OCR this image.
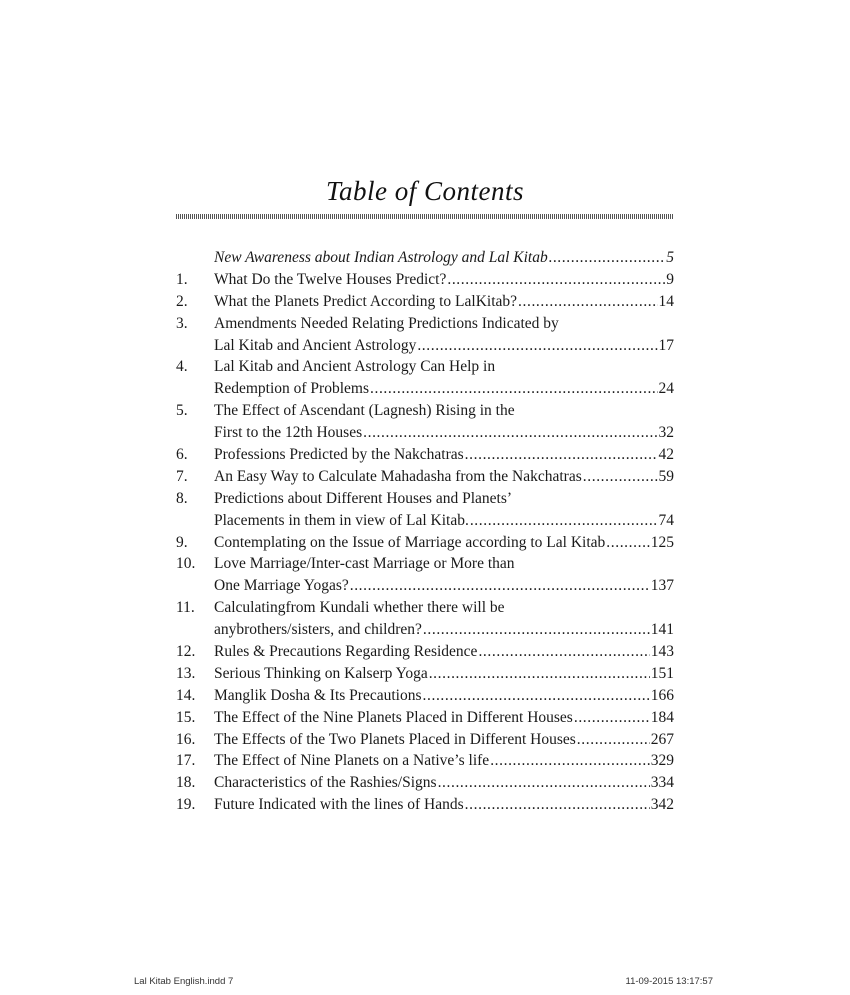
Table of Contents
New Awareness about Indian Astrology and Lal Kitab .....	5
1.	What Do the Twelve Houses Predict? .....	9
2.	What the Planets Predict According to LalKitab? .....	14
3.	Amendments Needed Relating Predictions Indicated by
Lal Kitab and Ancient Astrology .....	17
4.	Lal Kitab and Ancient Astrology Can Help in
Redemption of Problems .....	24
5.	The Effect of Ascendant (Lagnesh) Rising in the
First to the 12th Houses .....	32
6.	Professions Predicted by the Nakchatras .....	42
7.	An Easy Way to Calculate Mahadasha from the Nakchatras .....	59
8.	Predictions about Different Houses and Planets’
Placements in them in view of Lal Kitab. .....	74
9.	Contemplating on the Issue of Marriage according to Lal Kitab .....	125
10.	Love Marriage/Inter-cast Marriage or More than
One Marriage Yogas? .....	137
11.	Calculatingfrom Kundali whether there will be
anybrothers/sisters, and children? .....	141
12.	Rules & Precautions Regarding Residence .....	143
13.	Serious Thinking on Kalserp Yoga .....	151
14.	Manglik Dosha & Its Precautions .....	166
15.	The Effect of the Nine Planets Placed in Different Houses .....	184
16.	The Effects of the Two Planets Placed in Different Houses .....	267
17.	The Effect of Nine Planets on a Native’s life .....	329
18.	Characteristics of the Rashies/Signs .....	334
19.	Future Indicated with the lines of Hands .....	342
Lal Kitab English.indd 7	11-09-2015 13:17:57
